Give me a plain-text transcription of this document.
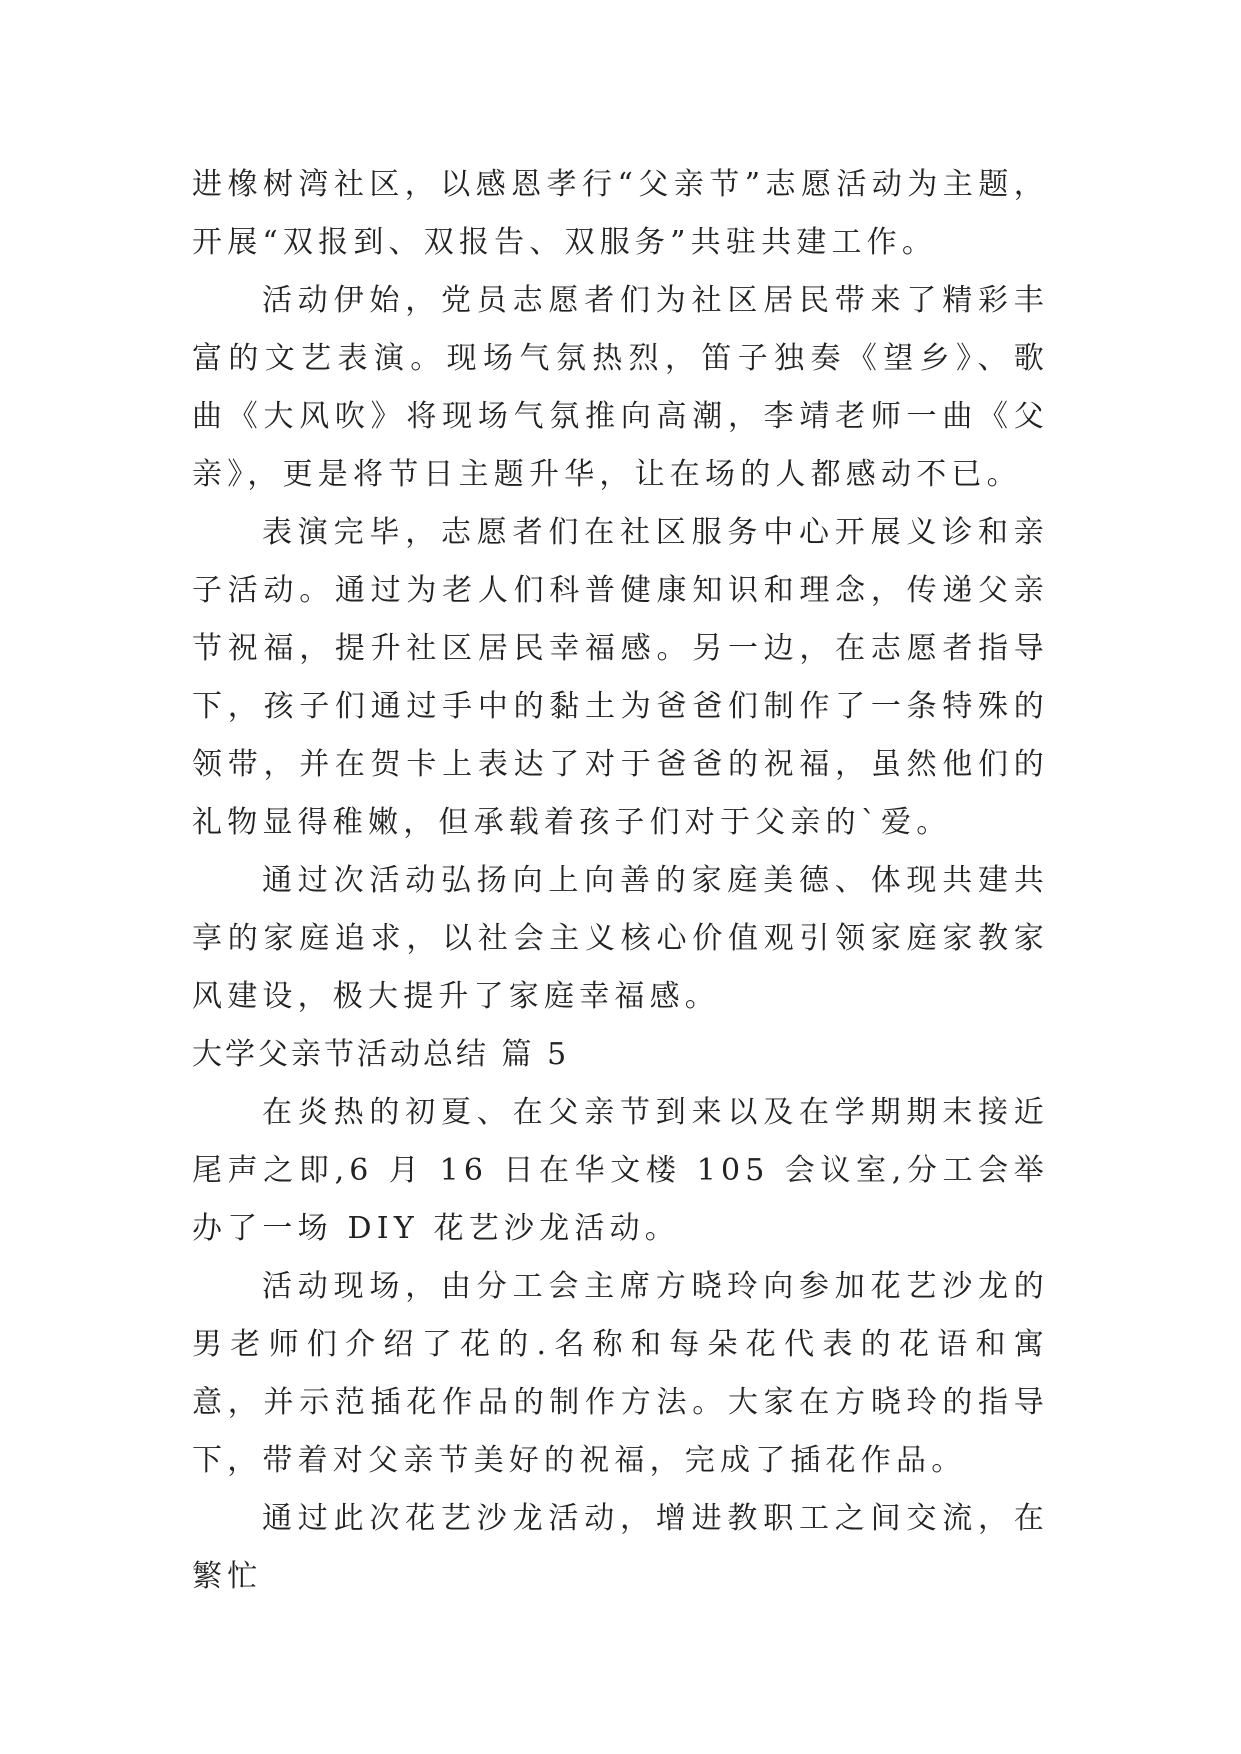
进橡树湾社区，以感恩孝行“父亲节”志愿活动为主题，开展“双报到、双报告、双服务”共驻共建工作。

活动伊始，党员志愿者们为社区居民带来了精彩丰富的文艺表演。现场气氛热烈，笛子独奏《望乡》、歌曲《大风吹》将现场气氛推向高潮，李靖老师一曲《父亲》，更是将节日主题升华，让在场的人都感动不已。

表演完毕，志愿者们在社区服务中心开展义诊和亲子活动。通过为老人们科普健康知识和理念，传递父亲节祝福，提升社区居民幸福感。另一边，在志愿者指导下，孩子们通过手中的黏土为爸爸们制作了一条特殊的领带，并在贺卡上表达了对于爸爸的祝福，虽然他们的礼物显得稚嫩，但承载着孩子们对于父亲的`爱。

通过次活动弘扬向上向善的家庭美德、体现共建共享的家庭追求，以社会主义核心价值观引领家庭家教家风建设，极大提升了家庭幸福感。

大学父亲节活动总结 篇 5

在炎热的初夏、在父亲节到来以及在学期期末接近尾声之即,6 月 16 日在华文楼 105 会议室,分工会举办了一场 DIY 花艺沙龙活动。

活动现场，由分工会主席方晓玲向参加花艺沙龙的男老师们介绍了花的.名称和每朵花代表的花语和寓意，并示范插花作品的制作方法。大家在方晓玲的指导下，带着对父亲节美好的祝福，完成了插花作品。

通过此次花艺沙龙活动，增进教职工之间交流，在繁忙
